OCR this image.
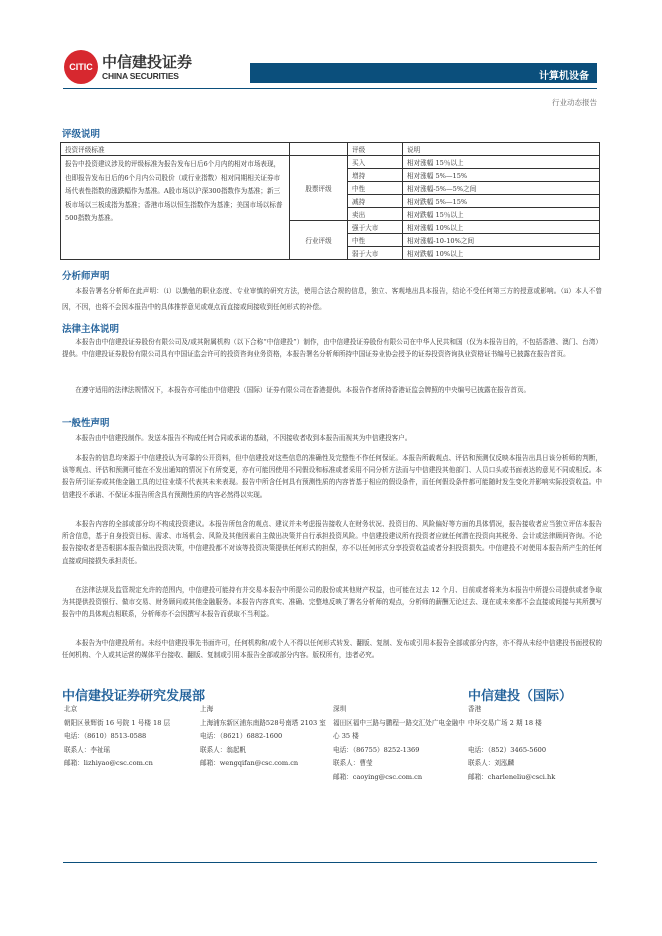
CITIC 中信建投证券
CHINA SECURITIES	计算机设备
行业动态报告
评级说明
投资评级标准		评级	说明
报告中投资建议涉及的评级标准为报告发布日后6个月内的相对市场表现，也即报告发布日后的6个月内公司股价（或行业指数）相对同期相关证券市场代表性指数的涨跌幅作为基准。A股市场以沪深300指数作为基准；新三板市场以三板成指为基准；香港市场以恒生指数作为基准；美国市场以标普500指数为基准。	股票评级	买入	相对涨幅 15％以上
		增持	相对涨幅 5%—15%
		中性	相对涨幅-5%—5%之间
		减持	相对跌幅 5%—15%
		卖出	相对跌幅 15％以上
	行业评级	强于大市	相对涨幅 10%以上
		中性	相对涨幅-10-10%之间
		弱于大市	相对跌幅 10%以上
分析师声明
本报告署名分析师在此声明：（i）以勤勉的职业态度、专业审慎的研究方法，使用合法合规的信息，独立、客观地出具本报告，结论不受任何第三方的授意或影响。（ii）本人不曾因，不因，也将不会因本报告中的具体推荐意见或观点而直接或间接收到任何形式的补偿。
法律主体说明
本报告由中信建投证券股份有限公司及/或其附属机构（以下合称“中信建投”）制作，由中信建投证券股份有限公司在中华人民共和国（仅为本报告目的，不包括香港、澳门、台湾）提供。中信建投证券股份有限公司具有中国证监会许可的投资咨询业务资格，本报告署名分析师所持中国证券业协会授予的证券投资咨询执业资格证书编号已披露在报告首页。
在遵守适用的法律法规情况下，本报告亦可能由中信建投（国际）证券有限公司在香港提供。本报告作者所持香港证监会牌照的中央编号已披露在报告首页。
一般性声明
本报告由中信建投制作。发送本报告不构成任何合同或承诺的基础，不因接收者收到本报告而视其为中信建投客户。
本报告的信息均来源于中信建投认为可靠的公开资料，但中信建投对这些信息的准确性及完整性不作任何保证。本报告所载观点、评估和预测仅反映本报告出具日该分析师的判断，该等观点、评估和预测可能在不发出通知的情况下有所变更，亦有可能因使用不同假设和标准或者采用不同分析方法而与中信建投其他部门、人员口头或书面表达的意见不同或相反。本报告所引证券或其他金融工具的过往业绩不代表其未来表现。报告中所含任何具有预测性质的内容皆基于相应的假设条件，而任何假设条件都可能随时发生变化并影响实际投资收益。中信建投不承诺、不保证本报告所含具有预测性质的内容必然得以实现。
本报告内容的全部或部分均不构成投资建议。本报告所包含的观点、建议并未考虑报告接收人在财务状况、投资目的、风险偏好等方面的具体情况，报告接收者应当独立评估本报告所含信息，基于自身投资目标、需求、市场机会、风险及其他因素自主做出决策并自行承担投资风险。中信建投建议所有投资者应就任何潜在投资向其税务、会计或法律顾问咨询。不论报告接收者是否根据本报告做出投资决策，中信建投都不对该等投资决策提供任何形式的担保，亦不以任何形式分享投资收益或者分担投资损失。中信建投不对使用本报告所产生的任何直接或间接损失承担责任。
在法律法规及监管规定允许的范围内，中信建投可能持有并交易本报告中所提公司的股份或其他财产权益，也可能在过去 12 个月、目前或者将来为本报告中所提公司提供或者争取为其提供投资银行、做市交易、财务顾问或其他金融服务。本报告内容真实、准确、完整地反映了署名分析师的观点，分析师的薪酬无论过去、现在或未来都不会直接或间接与其所撰写报告中的具体观点相联系，分析师亦不会因撰写本报告而获取不当利益。
本报告为中信建投所有。未经中信建投事先书面许可，任何机构和/或个人不得以任何形式转发、翻版、复制、发布或引用本报告全部或部分内容，亦不得从未经中信建投书面授权的任何机构、个人或其运营的媒体平台接收、翻版、复制或引用本报告全部或部分内容。版权所有，违者必究。
中信建投证券研究发展部	中信建投（国际）
北京
朝阳区景辉街 16 号院 1 号楼 18 层
电话：（8610）8513-0588
联系人：李祉瑶
邮箱：lizhiyao@csc.com.cn
上海
上海浦东新区浦东南路528号南塔 2103 室
电话：（8621）6882-1600
联系人：翁起帆
邮箱：wengqifan@csc.com.cn
深圳
福田区福中三路与鹏程一路交汇处广电金融中心 35 楼
电话：（86755）8252-1369
联系人：曹莹
邮箱：caoying@csc.com.cn
香港
中环交易广场 2 期 18 楼
电话：（852）3465-5600
联系人：刘泓麟
邮箱：charleneliu@csci.hk
